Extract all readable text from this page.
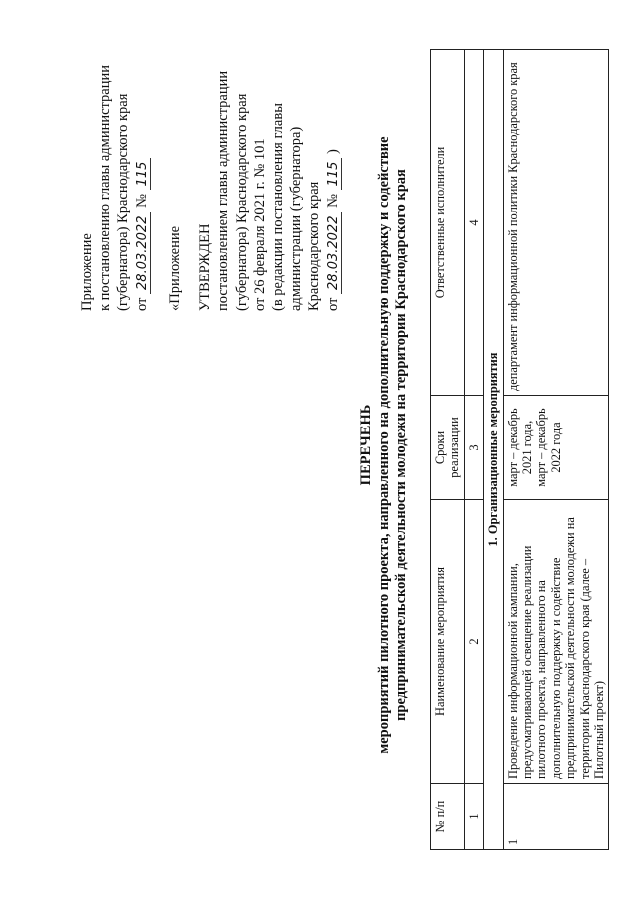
Приложение к постановлению главы администрации (губернатора) Краснодарского края от 28.03.2022 № 115
«Приложение УТВЕРЖДЕН постановлением главы администрации (губернатора) Краснодарского края от 26 февраля 2021 г. № 101 (в редакции постановления главы администрации (губернатора) Краснодарского края от 28.03.2022 № 115 )
ПЕРЕЧЕНЬ мероприятий пилотного проекта, направленного на дополнительную поддержку и содействие предпринимательской деятельности молодежи на территории Краснодарского края
№ п/п	Наименование мероприятия	Сроки реализации	Ответственные исполнители
1	2	3	4
1. Организационные мероприятия			
1	Проведение информационной кампании, предусматривающей освещение реализации пилотного проекта, направленного на дополнительную поддержку и содействие предпринимательской деятельности молодежи на территории Краснодарского края (далее – Пилотный проект)	март – декабрь 2021 года, март – декабрь 2022 года	департамент информационной политики Краснодарского края
